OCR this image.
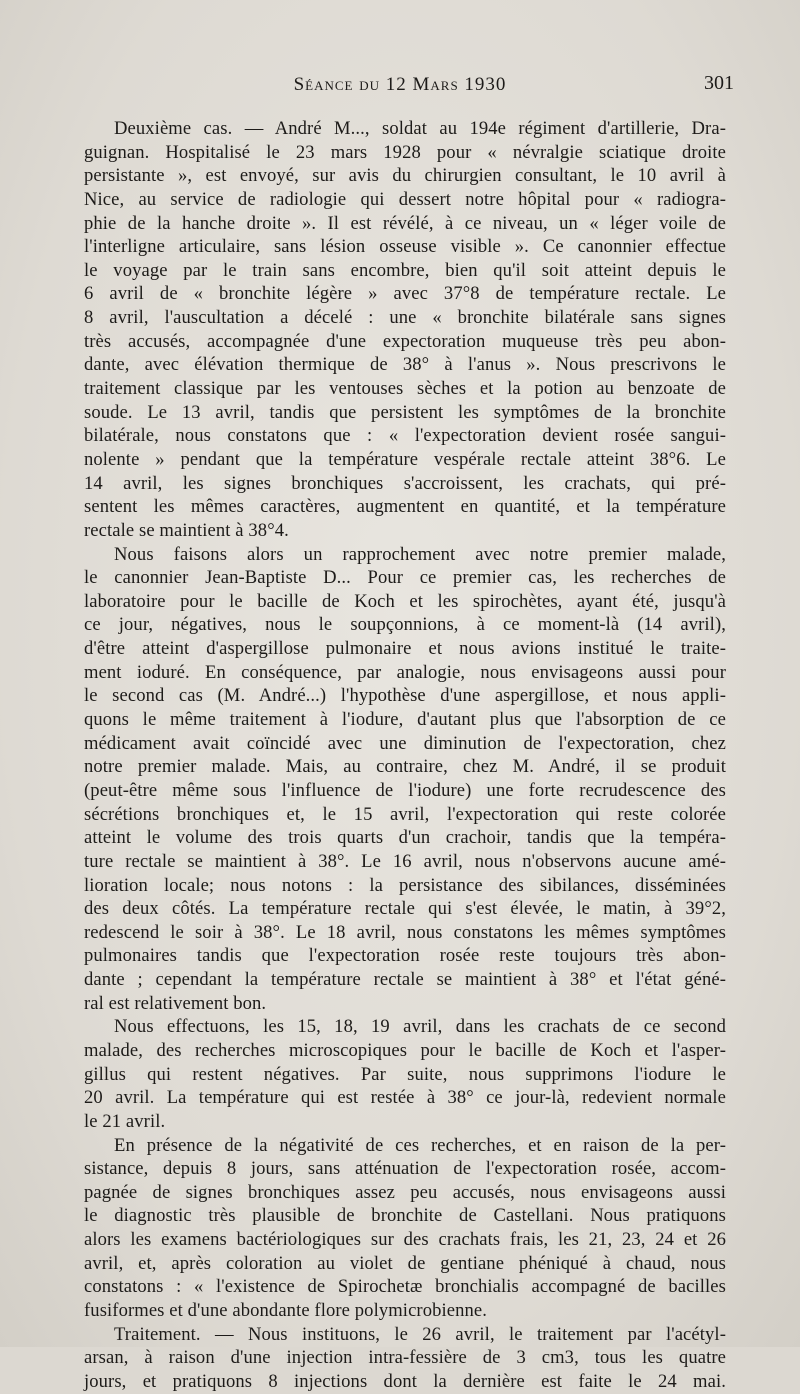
Séance du 12 Mars 1930	301
Deuxième cas. — André M..., soldat au 194e régiment d'artillerie, Dra-
guignan. Hospitalisé le 23 mars 1928 pour « névralgie sciatique droite
persistante », est envoyé, sur avis du chirurgien consultant, le 10 avril à
Nice, au service de radiologie qui dessert notre hôpital pour « radiogra-
phie de la hanche droite ». Il est révélé, à ce niveau, un « léger voile de
l'interligne articulaire, sans lésion osseuse visible ». Ce canonnier effectue
le voyage par le train sans encombre, bien qu'il soit atteint depuis le
6 avril de « bronchite légère » avec 37°8 de température rectale. Le
8 avril, l'auscultation a décelé : une « bronchite bilatérale sans signes
très accusés, accompagnée d'une expectoration muqueuse très peu abon-
dante, avec élévation thermique de 38° à l'anus ». Nous prescrivons le
traitement classique par les ventouses sèches et la potion au benzoate de
soude. Le 13 avril, tandis que persistent les symptômes de la bronchite
bilatérale, nous constatons que : « l'expectoration devient rosée sangui-
nolente » pendant que la température vespérale rectale atteint 38°6. Le
14 avril, les signes bronchiques s'accroissent, les crachats, qui pré-
sentent les mêmes caractères, augmentent en quantité, et la température
rectale se maintient à 38°4.
Nous faisons alors un rapprochement avec notre premier malade,
le canonnier Jean-Baptiste D... Pour ce premier cas, les recherches de
laboratoire pour le bacille de Koch et les spirochètes, ayant été, jusqu'à
ce jour, négatives, nous le soupçonnions, à ce moment-là (14 avril),
d'être atteint d'aspergillose pulmonaire et nous avions institué le traite-
ment ioduré. En conséquence, par analogie, nous envisageons aussi pour
le second cas (M. André...) l'hypothèse d'une aspergillose, et nous appli-
quons le même traitement à l'iodure, d'autant plus que l'absorption de ce
médicament avait coïncidé avec une diminution de l'expectoration, chez
notre premier malade. Mais, au contraire, chez M. André, il se produit
(peut-être même sous l'influence de l'iodure) une forte recrudescence des
sécrétions bronchiques et, le 15 avril, l'expectoration qui reste colorée
atteint le volume des trois quarts d'un crachoir, tandis que la tempéra-
ture rectale se maintient à 38°. Le 16 avril, nous n'observons aucune amé-
lioration locale; nous notons : la persistance des sibilances, disséminées
des deux côtés. La température rectale qui s'est élevée, le matin, à 39°2,
redescend le soir à 38°. Le 18 avril, nous constatons les mêmes symptômes
pulmonaires tandis que l'expectoration rosée reste toujours très abon-
dante ; cependant la température rectale se maintient à 38° et l'état géné-
ral est relativement bon.
Nous effectuons, les 15, 18, 19 avril, dans les crachats de ce second
malade, des recherches microscopiques pour le bacille de Koch et l'asper-
gillus qui restent négatives. Par suite, nous supprimons l'iodure le
20 avril. La température qui est restée à 38° ce jour-là, redevient normale
le 21 avril.
En présence de la négativité de ces recherches, et en raison de la per-
sistance, depuis 8 jours, sans atténuation de l'expectoration rosée, accom-
pagnée de signes bronchiques assez peu accusés, nous envisageons aussi
le diagnostic très plausible de bronchite de Castellani. Nous pratiquons
alors les examens bactériologiques sur des crachats frais, les 21, 23, 24 et 26
avril, et, après coloration au violet de gentiane phéniqué à chaud, nous
constatons : « l'existence de Spirochetæ bronchialis accompagné de bacilles
fusiformes et d'une abondante flore polymicrobienne.
Traitement. — Nous instituons, le 26 avril, le traitement par l'acétyl-
arsan, à raison d'une injection intra-fessière de 3 cm3, tous les quatre
jours, et pratiquons 8 injections dont la dernière est faite le 24 mai.
